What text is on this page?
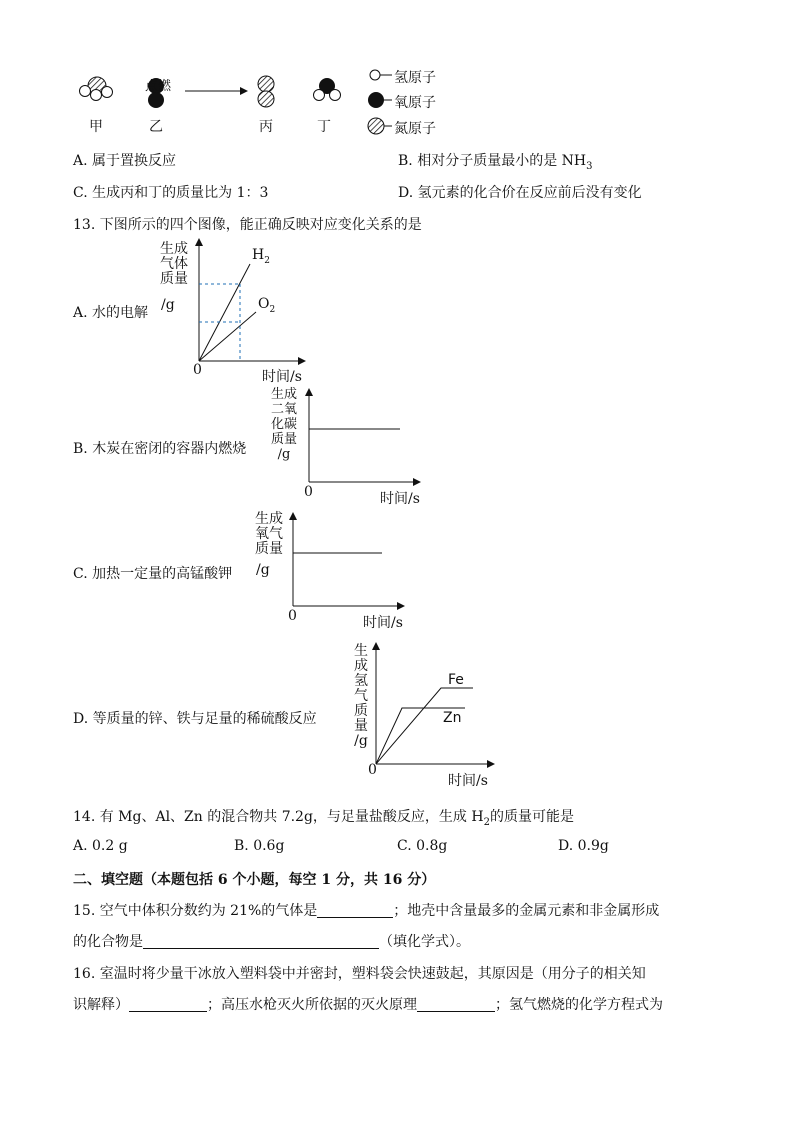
点燃
甲	乙	丙	丁
氢原子
氧原子
氮原子
A. 属于置换反应	B. 相对分子质量最小的是 $NH_3$
C. 生成丙和丁的质量比为 1：3	D. 氢元素的化合价在反应前后没有变化
13. 下图所示的四个图像，能正确反映对应变化关系的是
A. 水的电解
生成
气体
质量
/g
$H_2$
$O_2$
0	时间/s
B. 木炭在密闭的容器内燃烧
生成
二氧
化碳
质量
/g
0	时间/s
C. 加热一定量的高锰酸钾
生成
氧气
质量
/g
0	时间/s
D. 等质量的锌、铁与足量的稀硫酸反应
生
成
氢
气
质
量
/g
Fe
Zn
0
时间/s
14. 有 Mg、Al、Zn 的混合物共 7.2g，与足量盐酸反应，生成 $H_2$的质量可能是
A. 0.2 g	B. 0.6g	C. 0.8g	D. 0.9g
二、填空题（本题包括 6 个小题，每空 1 分，共 16 分）
15. 空气中体积分数约为 21%的气体是	；地壳中含量最多的金属元素和非金属形成
的化合物是	（填化学式）。
16. 室温时将少量干冰放入塑料袋中并密封，塑料袋会快速鼓起，其原因是（用分子的相关知
识解释）	；高压水枪灭火所依据的灭火原理	；氢气燃烧的化学方程式为
